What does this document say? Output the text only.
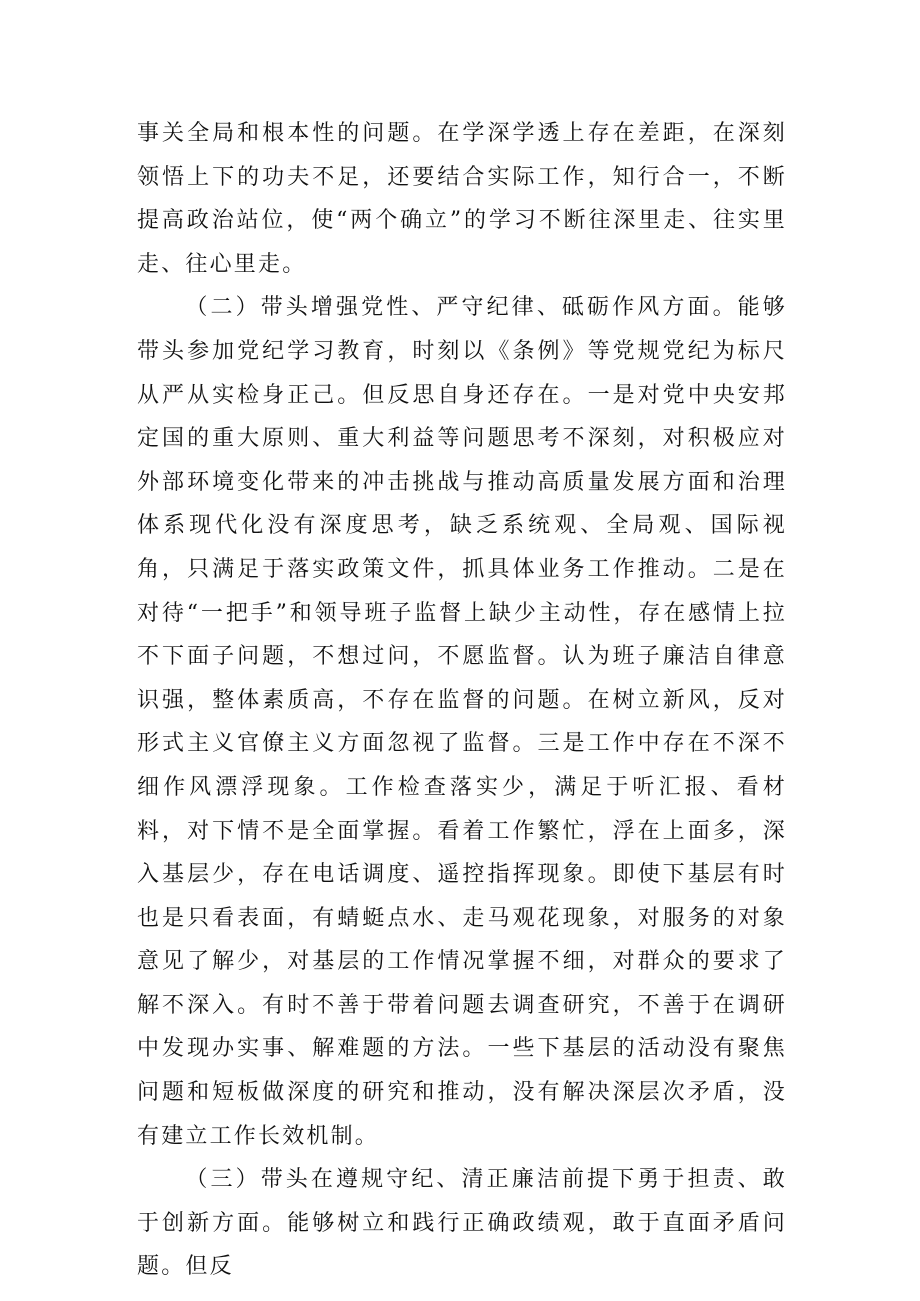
事关全局和根本性的问题。在学深学透上存在差距，在深刻领悟上下的功夫不足，还要结合实际工作，知行合一，不断提高政治站位，使“两个确立”的学习不断往深里走、往实里走、往心里走。

（二）带头增强党性、严守纪律、砥砺作风方面。能够带头参加党纪学习教育，时刻以《条例》等党规党纪为标尺从严从实检身正己。但反思自身还存在。一是对党中央安邦定国的重大原则、重大利益等问题思考不深刻，对积极应对外部环境变化带来的冲击挑战与推动高质量发展方面和治理体系现代化没有深度思考，缺乏系统观、全局观、国际视角，只满足于落实政策文件，抓具体业务工作推动。二是在对待“一把手”和领导班子监督上缺少主动性，存在感情上拉不下面子问题，不想过问，不愿监督。认为班子廉洁自律意识强，整体素质高，不存在监督的问题。在树立新风，反对形式主义官僚主义方面忽视了监督。三是工作中存在不深不细作风漂浮现象。工作检查落实少，满足于听汇报、看材料，对下情不是全面掌握。看着工作繁忙，浮在上面多，深入基层少，存在电话调度、遥控指挥现象。即使下基层有时也是只看表面，有蜻蜓点水、走马观花现象，对服务的对象意见了解少，对基层的工作情况掌握不细，对群众的要求了解不深入。有时不善于带着问题去调查研究，不善于在调研中发现办实事、解难题的方法。一些下基层的活动没有聚焦问题和短板做深度的研究和推动，没有解决深层次矛盾，没有建立工作长效机制。

（三）带头在遵规守纪、清正廉洁前提下勇于担责、敢于创新方面。能够树立和践行正确政绩观，敢于直面矛盾问题。但反
